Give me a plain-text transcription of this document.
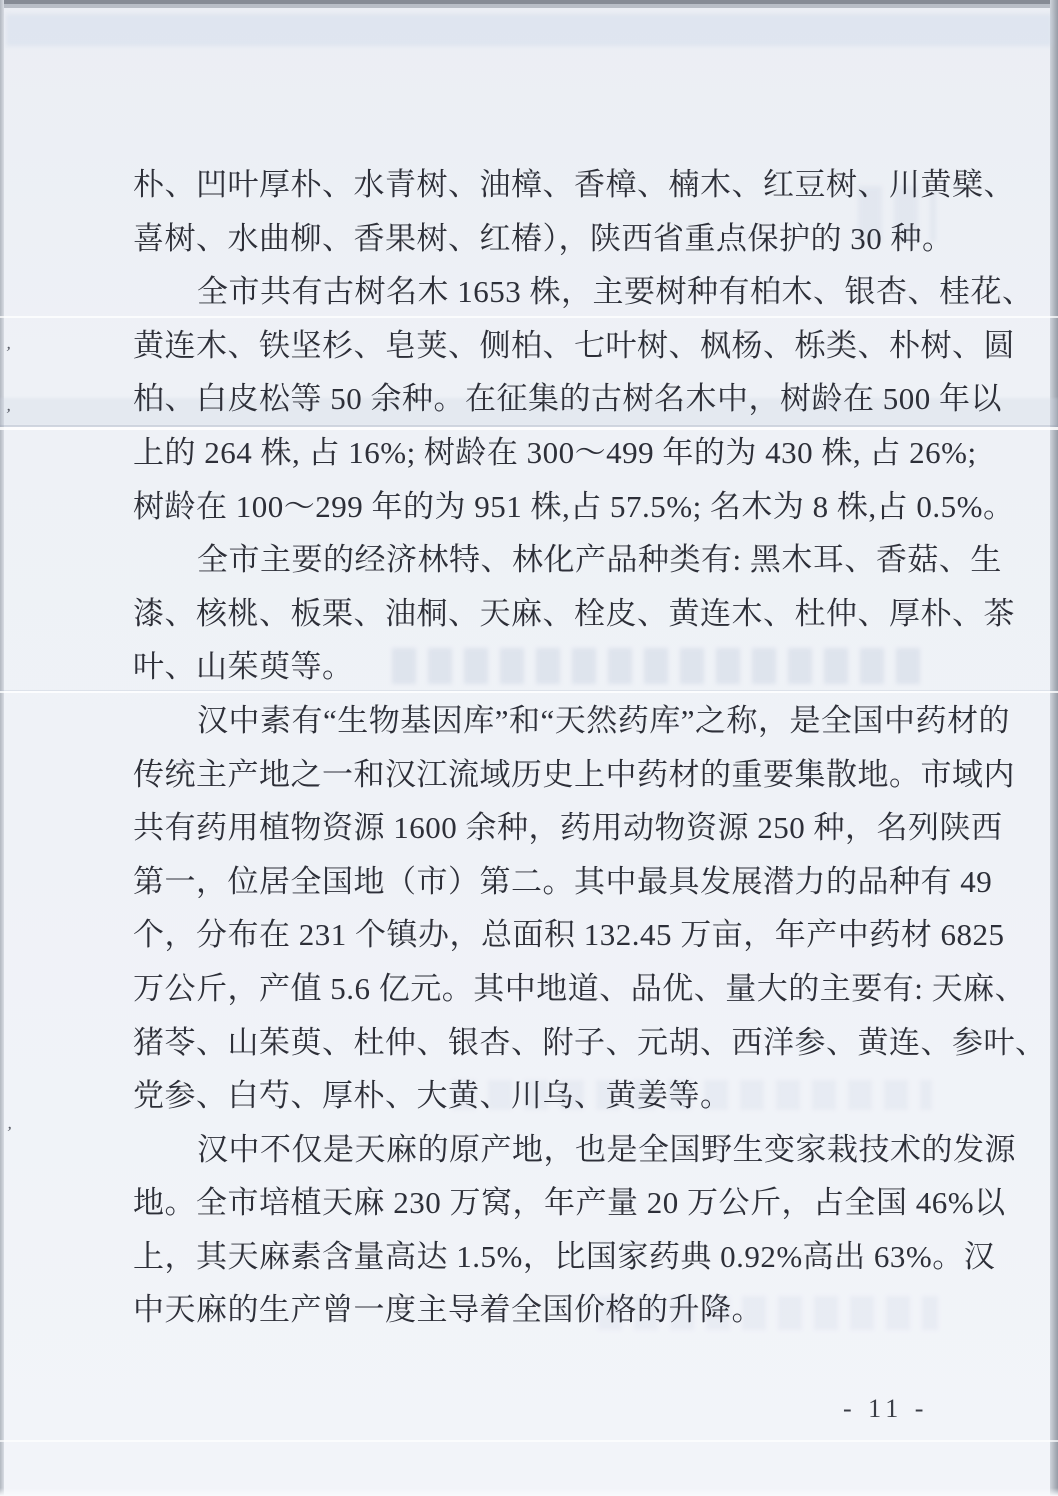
’
’
’
朴、凹叶厚朴、水青树、油樟、香樟、楠木、红豆树、川黄檗、
喜树、水曲柳、香果树、红椿），陕西省重点保护的 30 种。
全市共有古树名木 1653 株，主要树种有柏木、银杏、桂花、
黄连木、铁坚杉、皂荚、侧柏、七叶树、枫杨、栎类、朴树、圆
柏、白皮松等 50 余种。在征集的古树名木中，树龄在 500 年以
上的 264 株, 占 16%; 树龄在 300～499 年的为 430 株, 占 26%;
树龄在 100～299 年的为 951 株,占 57.5%; 名木为 8 株,占 0.5%。
全市主要的经济林特、林化产品种类有: 黑木耳、香菇、生
漆、核桃、板栗、油桐、天麻、栓皮、黄连木、杜仲、厚朴、茶
叶、山茱萸等。
汉中素有“生物基因库”和“天然药库”之称，是全国中药材的
传统主产地之一和汉江流域历史上中药材的重要集散地。市域内
共有药用植物资源 1600 余种，药用动物资源 250 种，名列陕西
第一，位居全国地（市）第二。其中最具发展潜力的品种有 49
个，分布在 231 个镇办，总面积 132.45 万亩，年产中药材 6825
万公斤，产值 5.6 亿元。其中地道、品优、量大的主要有: 天麻、
猪苓、山茱萸、杜仲、银杏、附子、元胡、西洋参、黄连、参叶、
党参、白芍、厚朴、大黄、川乌、黄姜等。
汉中不仅是天麻的原产地，也是全国野生变家栽技术的发源
地。全市培植天麻 230 万窝，年产量 20 万公斤，占全国 46%以
上，其天麻素含量高达 1.5%，比国家药典 0.92%高出 63%。汉
中天麻的生产曾一度主导着全国价格的升降。
- 11 -
